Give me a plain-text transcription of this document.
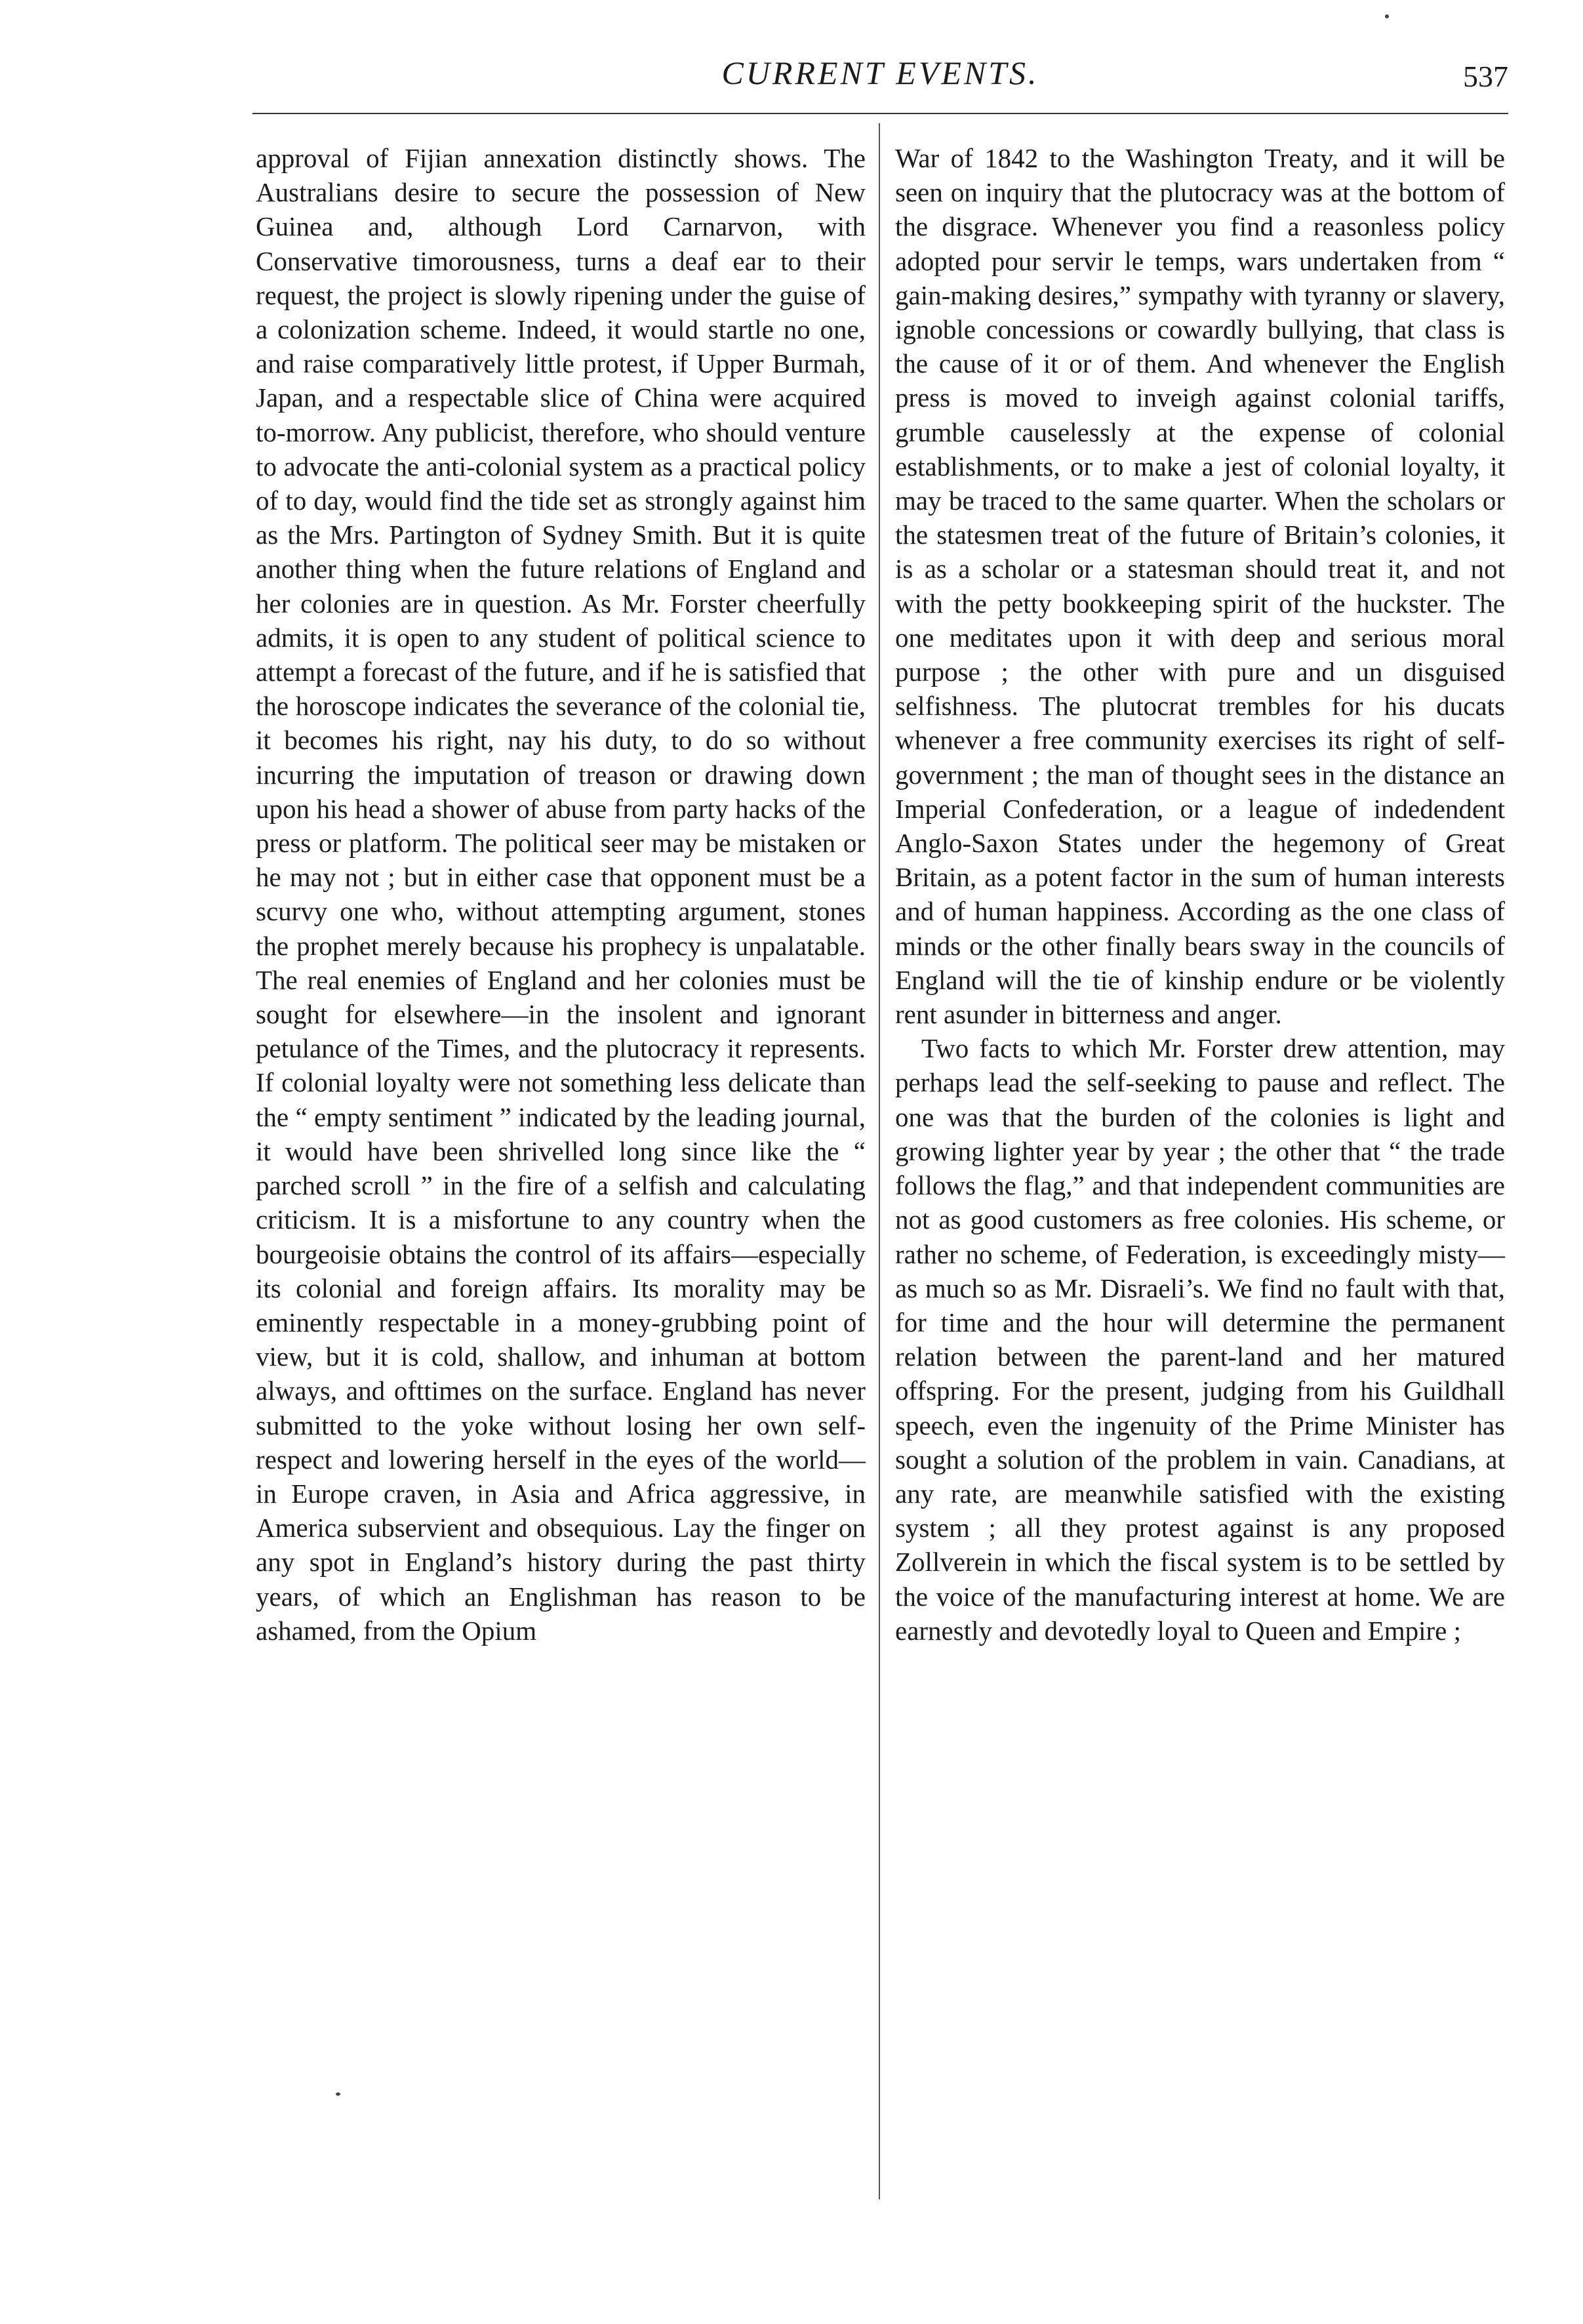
CURRENT EVENTS.	537

approval of Fijian annexation distinctly shows. The Australians desire to secure the possession of New Guinea and, although Lord Carnarvon, with Conservative timorousness, turns a deaf ear to their request, the project is slowly ripening under the guise of a colonization scheme. Indeed, it would startle no one, and raise comparatively little protest, if Upper Burmah, Japan, and a respectable slice of China were acquired to-morrow. Any publicist, therefore, who should venture to advocate the anti-colonial system as a practical policy of to day, would find the tide set as strongly against him as the Mrs. Partington of Sydney Smith. But it is quite another thing when the future relations of England and her colonies are in question. As Mr. Forster cheerfully admits, it is open to any student of political science to attempt a forecast of the future, and if he is satisfied that the horoscope indicates the severance of the colonial tie, it becomes his right, nay his duty, to do so without incurring the imputation of treason or drawing down upon his head a shower of abuse from party hacks of the press or platform. The political seer may be mistaken or he may not ; but in either case that opponent must be a scurvy one who, without attempting argument, stones the prophet merely because his prophecy is unpalatable. The real enemies of England and her colonies must be sought for elsewhere—in the insolent and ignorant petulance of the Times, and the plutocracy it represents. If colonial loyalty were not something less delicate than the “ empty sentiment ” indicated by the leading journal, it would have been shrivelled long since like the “ parched scroll ” in the fire of a selfish and calculating criticism. It is a misfortune to any country when the bourgeoisie obtains the control of its affairs—especially its colonial and foreign affairs. Its morality may be eminently respectable in a money-grubbing point of view, but it is cold, shallow, and inhuman at bottom always, and ofttimes on the surface. England has never submitted to the yoke without losing her own self-respect and lowering herself in the eyes of the world—in Europe craven, in Asia and Africa aggressive, in America subservient and obsequious. Lay the finger on any spot in England’s history during the past thirty years, of which an Englishman has reason to be ashamed, from the Opium

War of 1842 to the Washington Treaty, and it will be seen on inquiry that the plutocracy was at the bottom of the disgrace. Whenever you find a reasonless policy adopted pour servir le temps, wars undertaken from “ gain-making desires,” sympathy with tyranny or slavery, ignoble concessions or cowardly bullying, that class is the cause of it or of them. And whenever the English press is moved to inveigh against colonial tariffs, grumble causelessly at the expense of colonial establishments, or to make a jest of colonial loyalty, it may be traced to the same quarter. When the scholars or the statesmen treat of the future of Britain’s colonies, it is as a scholar or a statesman should treat it, and not with the petty bookkeeping spirit of the huckster. The one meditates upon it with deep and serious moral purpose ; the other with pure and un disguised selfishness. The plutocrat trembles for his ducats whenever a free community exercises its right of self-government ; the man of thought sees in the distance an Imperial Confederation, or a league of indedendent Anglo-Saxon States under the hegemony of Great Britain, as a potent factor in the sum of human interests and of human happiness. According as the one class of minds or the other finally bears sway in the councils of England will the tie of kinship endure or be violently rent asunder in bitterness and anger.

Two facts to which Mr. Forster drew attention, may perhaps lead the self-seeking to pause and reflect. The one was that the burden of the colonies is light and growing lighter year by year ; the other that “ the trade follows the flag,” and that independent communities are not as good customers as free colonies. His scheme, or rather no scheme, of Federation, is exceedingly misty—as much so as Mr. Disraeli’s. We find no fault with that, for time and the hour will determine the permanent relation between the parent-land and her matured offspring. For the present, judging from his Guildhall speech, even the ingenuity of the Prime Minister has sought a solution of the problem in vain. Canadians, at any rate, are meanwhile satisfied with the existing system ; all they protest against is any proposed Zollverein in which the fiscal system is to be settled by the voice of the manufacturing interest at home. We are earnestly and devotedly loyal to Queen and Empire ;
